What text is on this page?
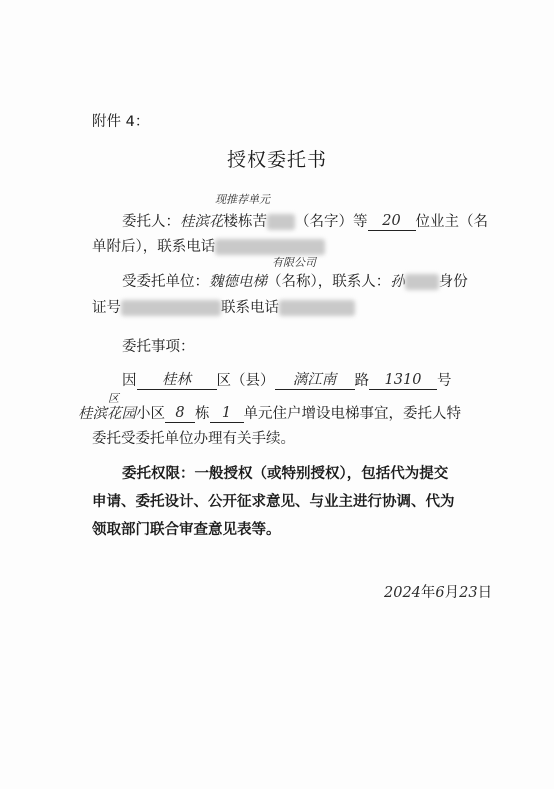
附件 4：
授权委托书
现推荐单元
委托人：桂滨花楼栋苦 （名字）等 20 位业主（名
单附后），联系电话
有限公司
受委托单位：魏德电梯（名称），联系人：孙 身份
证号	联系电话
委托事项：
因 桂林 区（县） 漓江南 路 1310 号
区
桂滨花园小区 8 栋 1 单元住户增设电梯事宜，委托人特
委托受委托单位办理有关手续。
委托权限：一般授权（或特别授权），包括代为提交
申请、委托设计、公开征求意见、与业主进行协调、代为
领取部门联合审查意见表等。
2024年6月23日
